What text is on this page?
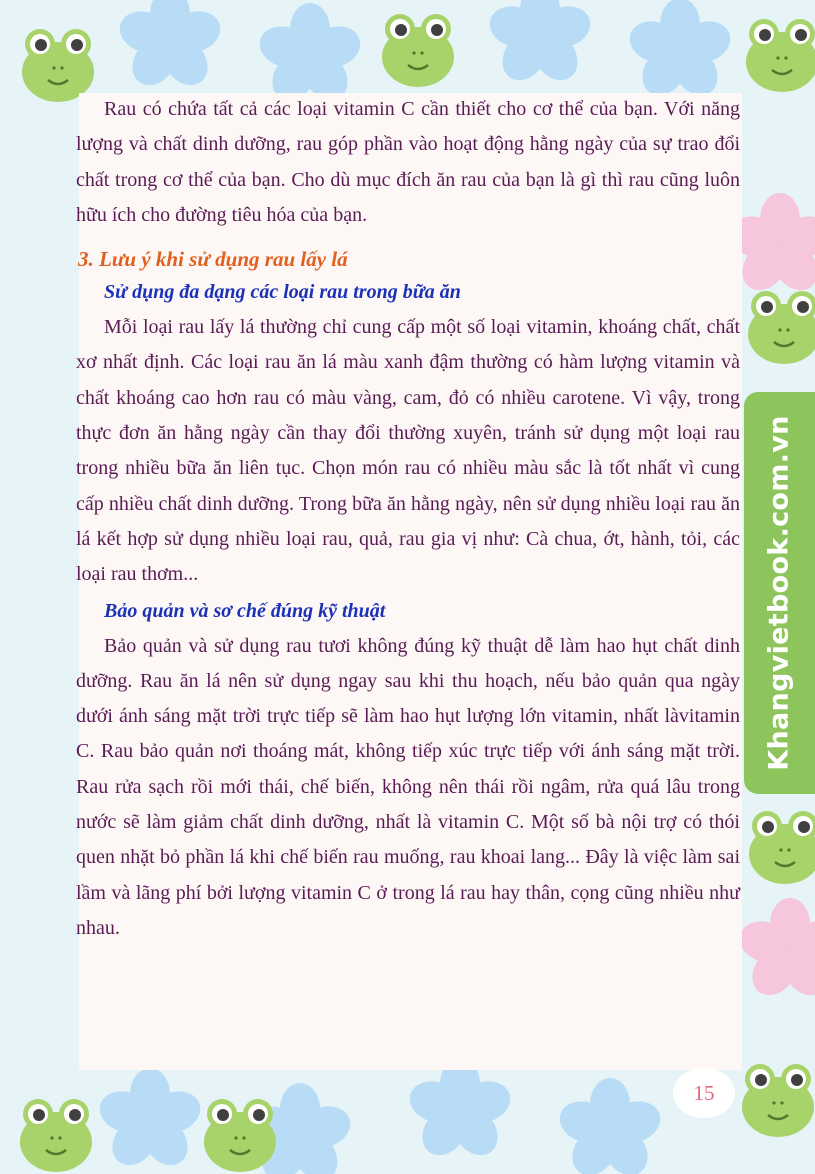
Khangvietbook.com.vn

Rau có chứa tất cả các loại vitamin C cần thiết cho cơ thể của bạn. Với năng lượng và chất dinh dưỡng, rau góp phần vào hoạt động hằng ngày của sự trao đổi chất trong cơ thể của bạn. Cho dù mục đích ăn rau của bạn là gì thì rau cũng luôn hữu ích cho đường tiêu hóa của bạn.

3. Lưu ý khi sử dụng rau lấy lá
Sử dụng đa dạng các loại rau trong bữa ăn

Mỗi loại rau lấy lá thường chỉ cung cấp một số loại vitamin, khoáng chất, chất xơ nhất định. Các loại rau ăn lá màu xanh đậm thường có hàm lượng vitamin và chất khoáng cao hơn rau có màu vàng, cam, đỏ có nhiều carotene. Vì vậy, trong thực đơn ăn hằng ngày cần thay đổi thường xuyên, tránh sử dụng một loại rau trong nhiều bữa ăn liên tục. Chọn món rau có nhiều màu sắc là tốt nhất vì cung cấp nhiều chất dinh dưỡng. Trong bữa ăn hằng ngày, nên sử dụng nhiều loại rau ăn lá kết hợp sử dụng nhiều loại rau, quả, rau gia vị như: Cà chua, ớt, hành, tỏi, các loại rau thơm...

Bảo quản và sơ chế đúng kỹ thuật

Bảo quản và sử dụng rau tươi không đúng kỹ thuật dễ làm hao hụt chất dinh dưỡng. Rau ăn lá nên sử dụng ngay sau khi thu hoạch, nếu bảo quản qua ngày dưới ánh sáng mặt trời trực tiếp sẽ làm hao hụt lượng lớn vitamin, nhất làvitamin C. Rau bảo quản nơi thoáng mát, không tiếp xúc trực tiếp với ánh sáng mặt trời. Rau rửa sạch rồi mới thái, chế biến, không nên thái rồi ngâm, rửa quá lâu trong nước sẽ làm giảm chất dinh dưỡng, nhất là vitamin C. Một số bà nội trợ có thói quen nhặt bỏ phần lá khi chế biến rau muống, rau khoai lang... Đây là việc làm sai lầm và lãng phí bởi lượng vitamin C ở trong lá rau hay thân, cọng cũng nhiều như nhau.

15
